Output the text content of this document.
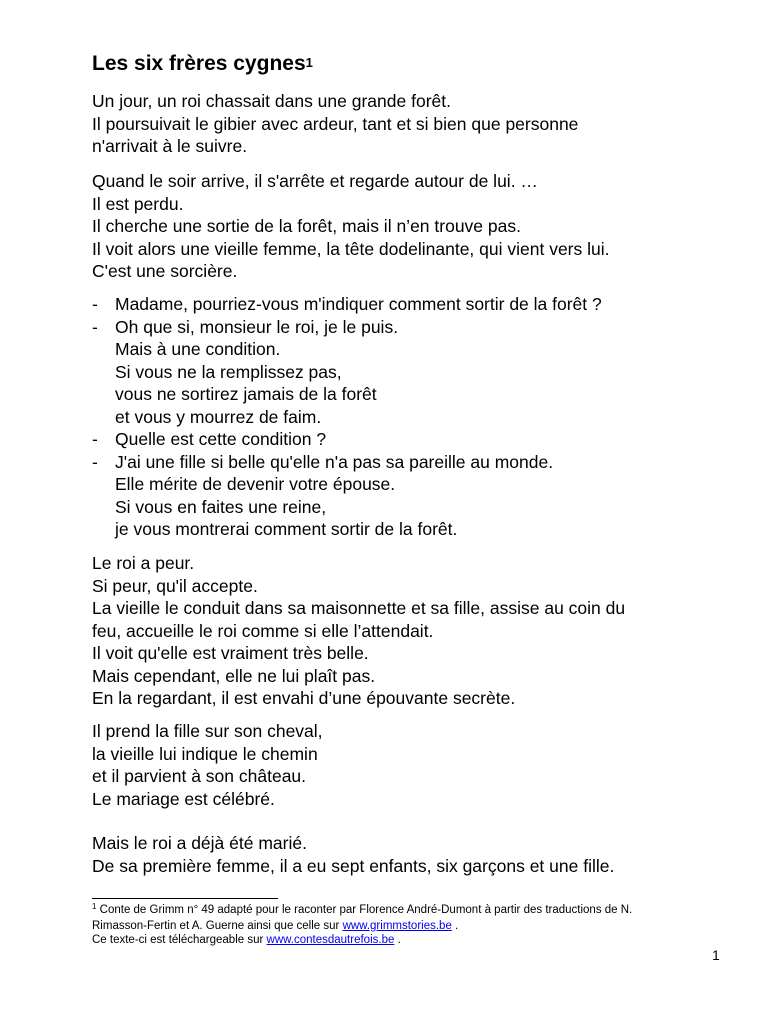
Les six frères cygnes$^1$
Un jour, un roi chassait dans une grande forêt.
Il poursuivait le gibier avec ardeur, tant et si bien que personne
n'arrivait à le suivre.
Quand le soir arrive, il s'arrête et regarde autour de lui. …
Il est perdu.
Il cherche une sortie de la forêt, mais il n’en trouve pas.
Il voit alors une vieille femme, la tête dodelinante, qui vient vers lui.
C'est une sorcière.
- Madame, pourriez-vous m'indiquer comment sortir de la forêt ?
- Oh que si, monsieur le roi, je le puis.
Mais à une condition.
Si vous ne la remplissez pas,
vous ne sortirez jamais de la forêt
et vous y mourrez de faim.
- Quelle est cette condition ?
- J'ai une fille si belle qu'elle n'a pas sa pareille au monde.
Elle mérite de devenir votre épouse.
Si vous en faites une reine,
je vous montrerai comment sortir de la forêt.
Le roi a peur.
Si peur, qu'il accepte.
La vieille le conduit dans sa maisonnette et sa fille, assise au coin du
feu, accueille le roi comme si elle l’attendait.
Il voit qu'elle est vraiment très belle.
Mais cependant, elle ne lui plaît pas.
En la regardant, il est envahi d’une épouvante secrète.
Il prend la fille sur son cheval,
la vieille lui indique le chemin
et il parvient à son château.
Le mariage est célébré.
Mais le roi a déjà été marié.
De sa première femme, il a eu sept enfants, six garçons et une fille.
$^1$ Conte de Grimm n° 49 adapté pour le raconter par Florence André-Dumont à partir des traductions de N.
Rimasson-Fertin et A. Guerne ainsi que celle sur www.grimmstories.be .
Ce texte-ci est téléchargeable sur www.contesdautrefois.be .
1
